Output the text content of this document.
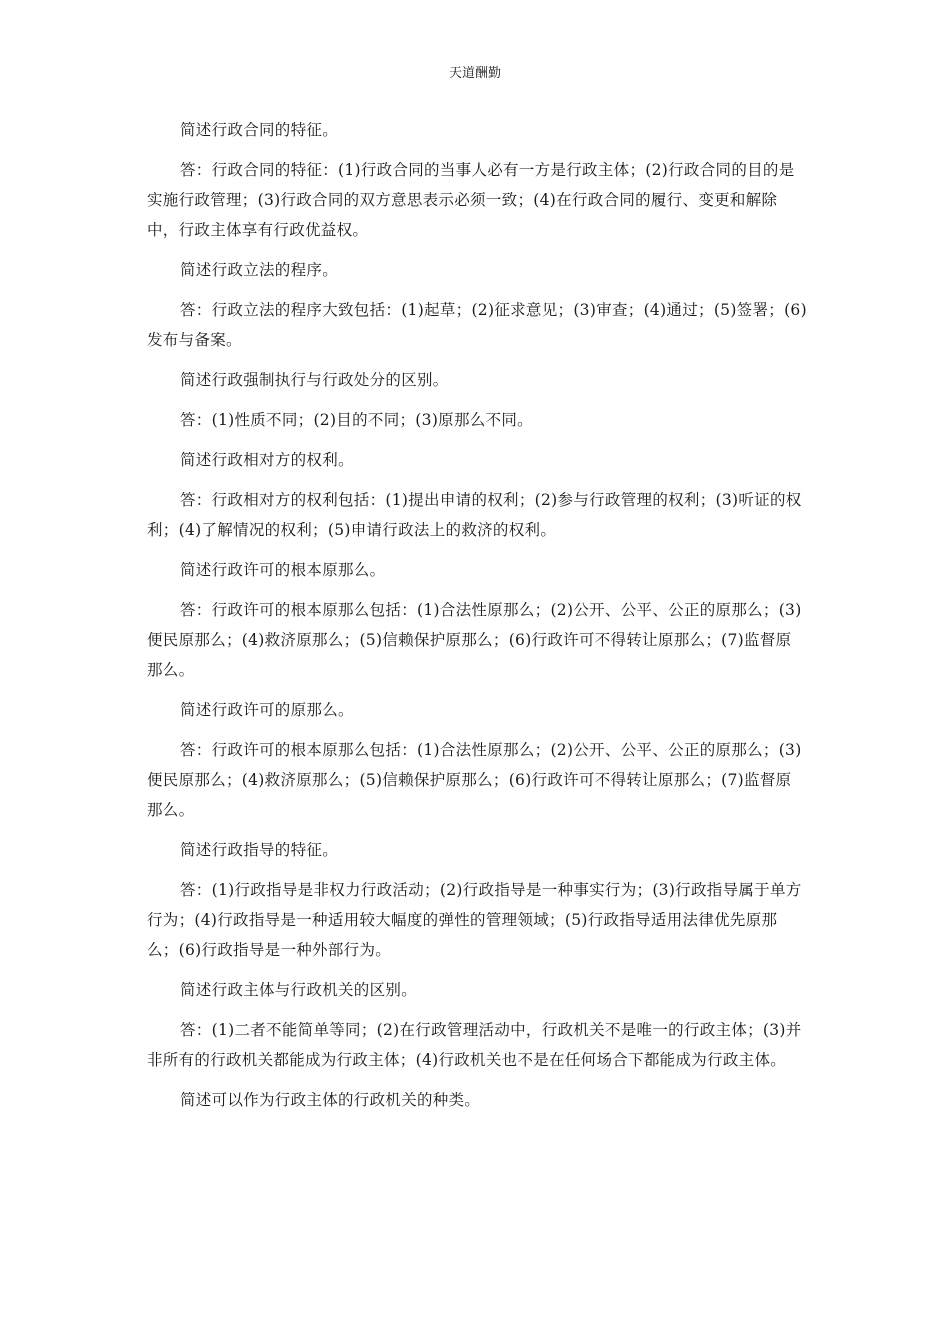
天道酬勤

简述行政合同的特征。

答：行政合同的特征：(1)行政合同的当事人必有一方是行政主体；(2)行政合同的目的是实施行政管理；(3)行政合同的双方意思表示必须一致；(4)在行政合同的履行、变更和解除中，行政主体享有行政优益权。

简述行政立法的程序。

答：行政立法的程序大致包括：(1)起草；(2)征求意见；(3)审查；(4)通过；(5)签署；(6)发布与备案。

简述行政强制执行与行政处分的区别。

答：(1)性质不同；(2)目的不同；(3)原那么不同。

简述行政相对方的权利。

答：行政相对方的权利包括：(1)提出申请的权利；(2)参与行政管理的权利；(3)听证的权利；(4)了解情况的权利；(5)申请行政法上的救济的权利。

简述行政许可的根本原那么。

答：行政许可的根本原那么包括：(1)合法性原那么；(2)公开、公平、公正的原那么；(3)便民原那么；(4)救济原那么；(5)信赖保护原那么；(6)行政许可不得转让原那么；(7)监督原那么。

简述行政许可的原那么。

答：行政许可的根本原那么包括：(1)合法性原那么；(2)公开、公平、公正的原那么；(3)便民原那么；(4)救济原那么；(5)信赖保护原那么；(6)行政许可不得转让原那么；(7)监督原那么。

简述行政指导的特征。

答：(1)行政指导是非权力行政活动；(2)行政指导是一种事实行为；(3)行政指导属于单方行为；(4)行政指导是一种适用较大幅度的弹性的管理领域；(5)行政指导适用法律优先原那么；(6)行政指导是一种外部行为。

简述行政主体与行政机关的区别。

答：(1)二者不能简单等同；(2)在行政管理活动中，行政机关不是唯一的行政主体；(3)并非所有的行政机关都能成为行政主体；(4)行政机关也不是在任何场合下都能成为行政主体。

简述可以作为行政主体的行政机关的种类。
